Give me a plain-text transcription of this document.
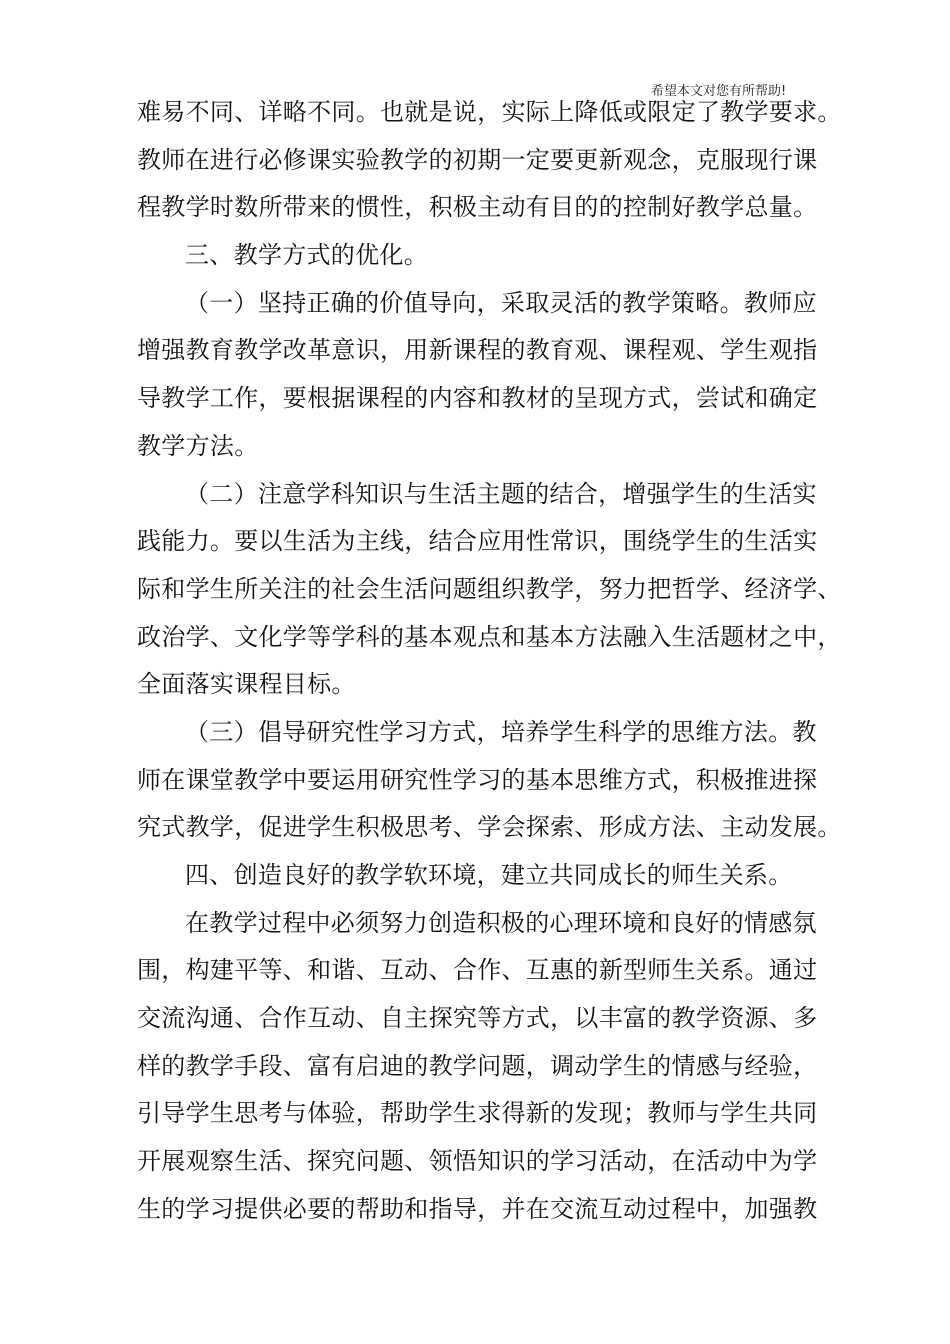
希望本文对您有所帮助!
难易不同、详略不同。也就是说，实际上降低或限定了教学要求。
教师在进行必修课实验教学的初期一定要更新观念，克服现行课
程教学时数所带来的惯性，积极主动有目的的控制好教学总量。
三、教学方式的优化。
（一）坚持正确的价值导向，采取灵活的教学策略。教师应
增强教育教学改革意识，用新课程的教育观、课程观、学生观指
导教学工作，要根据课程的内容和教材的呈现方式，尝试和确定
教学方法。
（二）注意学科知识与生活主题的结合，增强学生的生活实
践能力。要以生活为主线，结合应用性常识，围绕学生的生活实
际和学生所关注的社会生活问题组织教学，努力把哲学、经济学、
政治学、文化学等学科的基本观点和基本方法融入生活题材之中，
全面落实课程目标。
（三）倡导研究性学习方式，培养学生科学的思维方法。教
师在课堂教学中要运用研究性学习的基本思维方式，积极推进探
究式教学，促进学生积极思考、学会探索、形成方法、主动发展。
四、创造良好的教学软环境，建立共同成长的师生关系。
在教学过程中必须努力创造积极的心理环境和良好的情感氛
围，构建平等、和谐、互动、合作、互惠的新型师生关系。通过
交流沟通、合作互动、自主探究等方式，以丰富的教学资源、多
样的教学手段、富有启迪的教学问题，调动学生的情感与经验，
引导学生思考与体验，帮助学生求得新的发现；教师与学生共同
开展观察生活、探究问题、领悟知识的学习活动，在活动中为学
生的学习提供必要的帮助和指导，并在交流互动过程中，加强教
